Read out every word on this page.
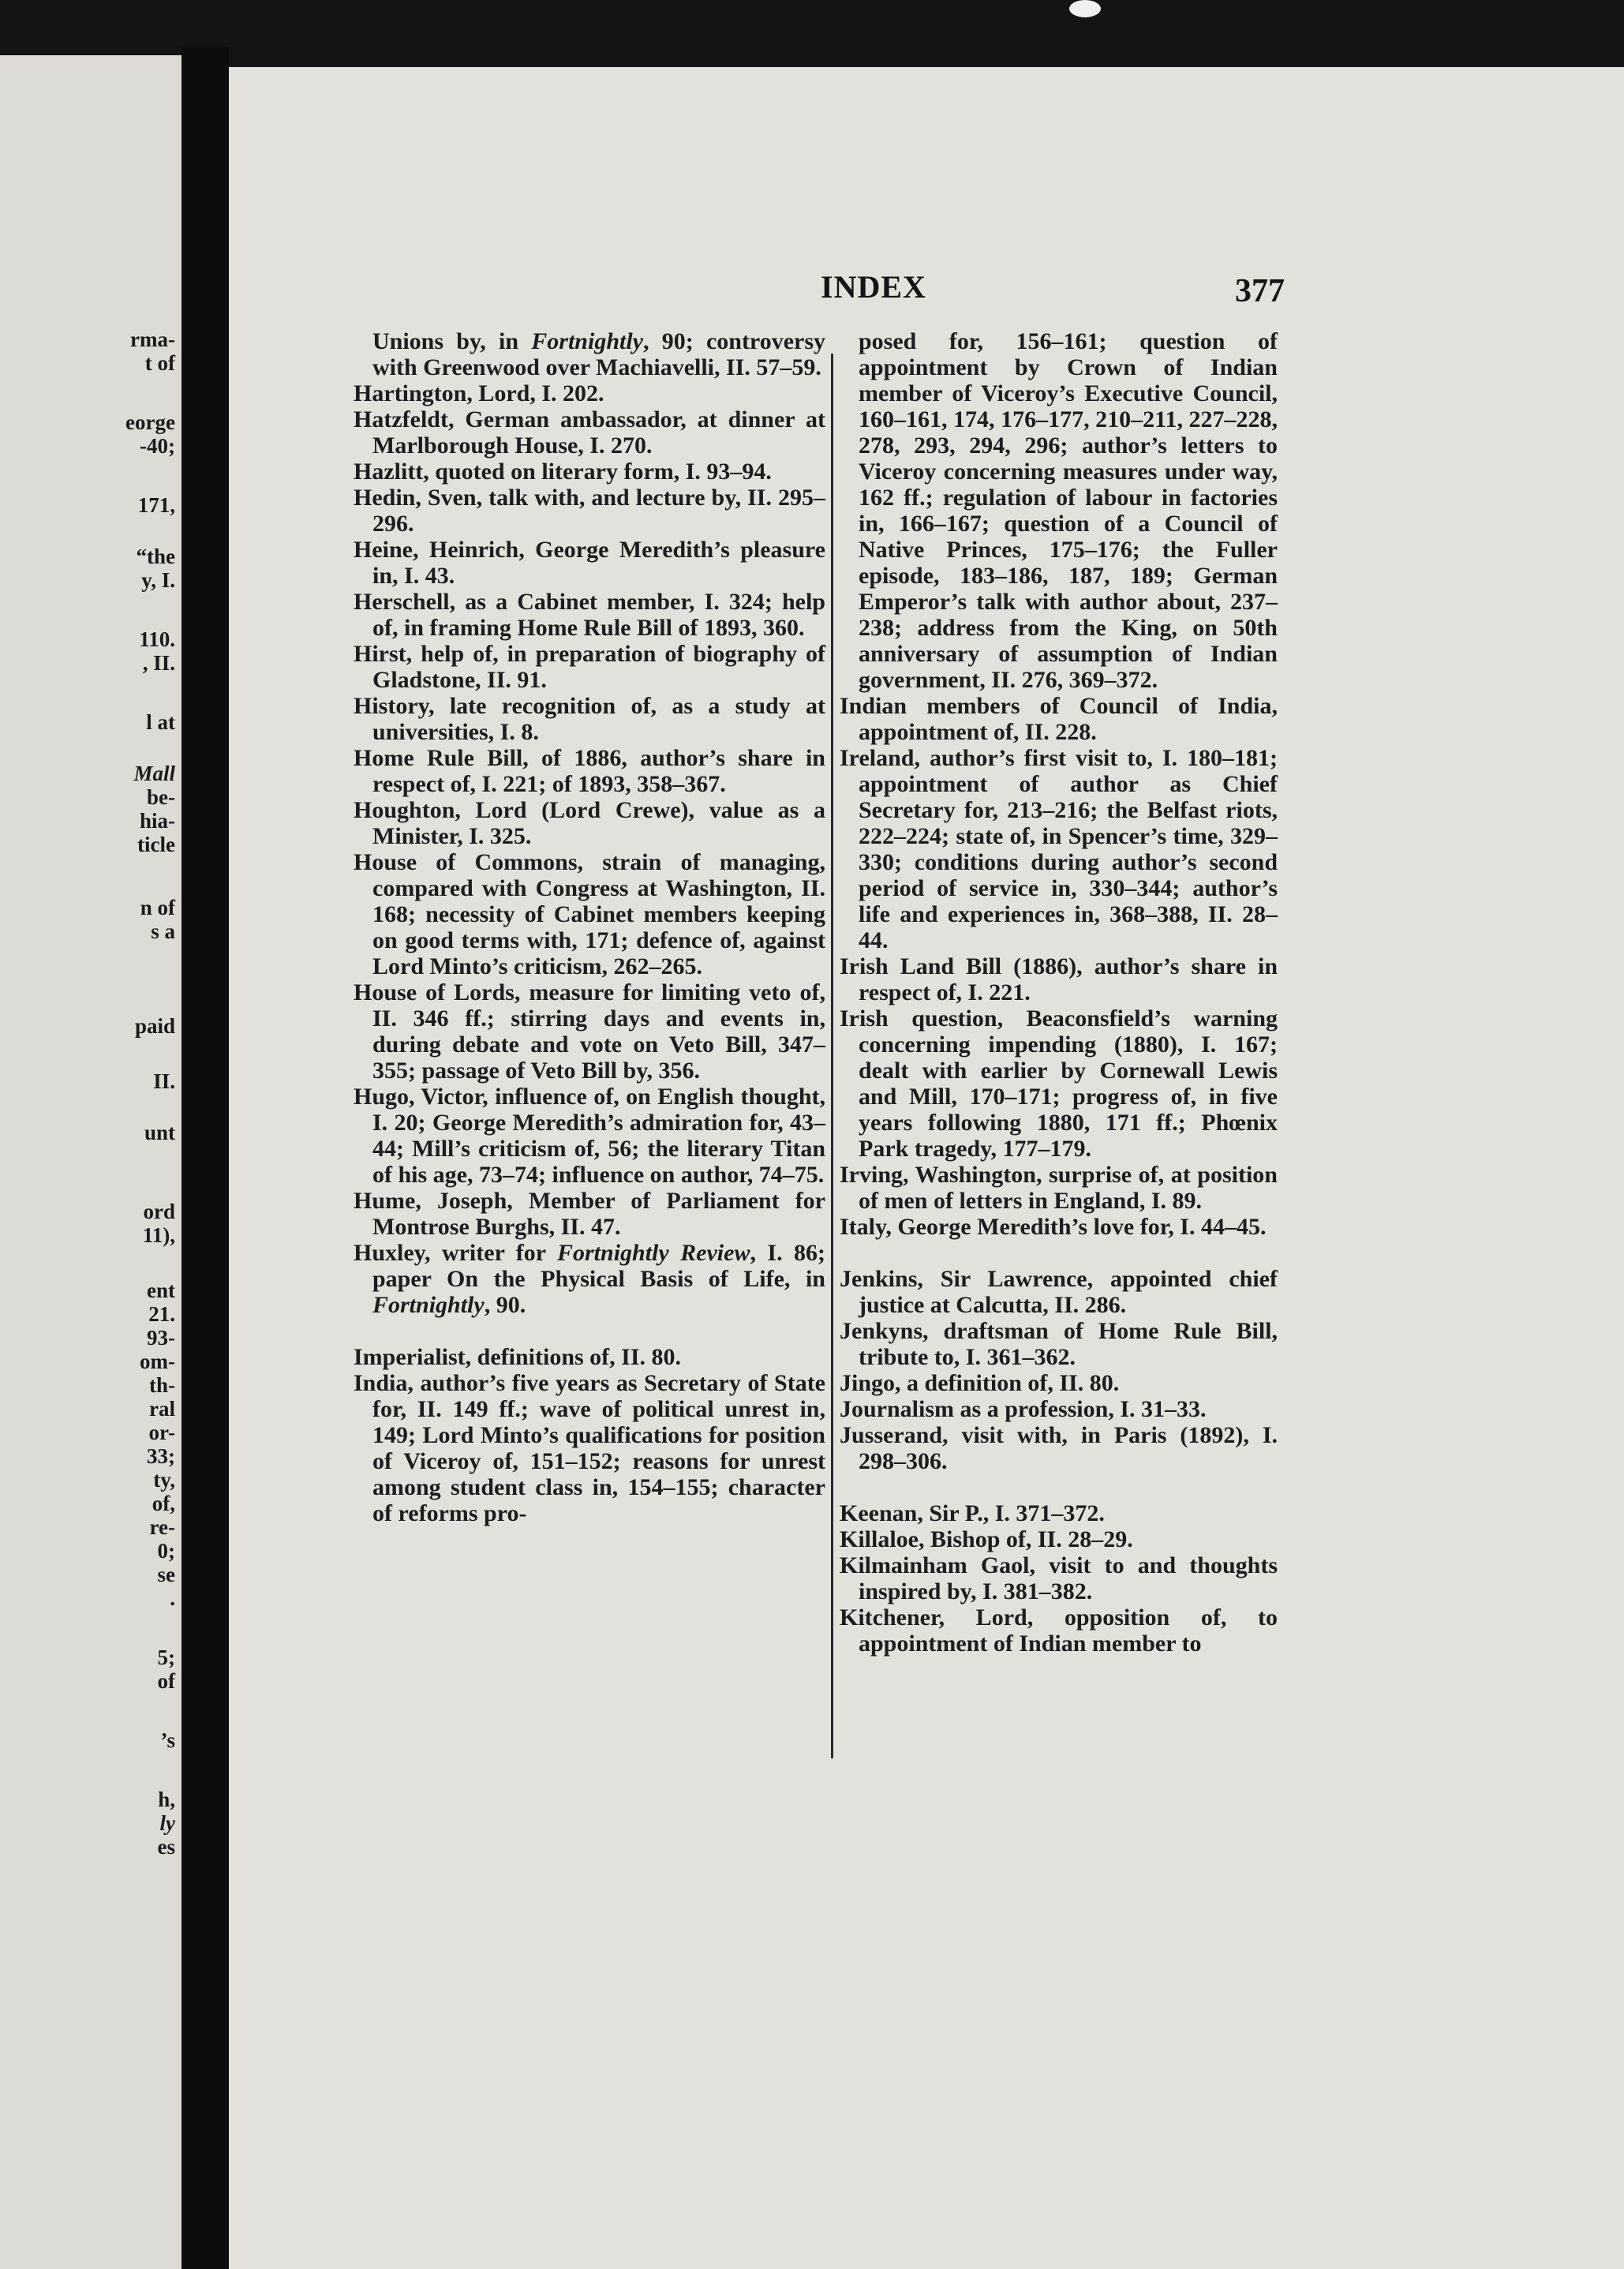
rma-
t of
eorge
-40;
171,
“the
y, I.
110.
, II.
l at
Mall
be-
hia-
ticle
n of
s a
paid
II.
unt
ord
11),
ent
21.
93-
om-
th-
ral
or-
33;
ty,
of,
re-
0;
se
.
5;
of
’s
h,
ly
es
INDEX	377

Unions by, in Fortnightly, 90; controversy with Greenwood over Machiavelli, II. 57–59.

Hartington, Lord, I. 202.

Hatzfeldt, German ambassador, at dinner at Marlborough House, I. 270.

Hazlitt, quoted on literary form, I. 93–94.

Hedin, Sven, talk with, and lecture by, II. 295–296.

Heine, Heinrich, George Meredith’s pleasure in, I. 43.

Herschell, as a Cabinet member, I. 324; help of, in framing Home Rule Bill of 1893, 360.

Hirst, help of, in preparation of biography of Gladstone, II. 91.

History, late recognition of, as a study at universities, I. 8.

Home Rule Bill, of 1886, author’s share in respect of, I. 221; of 1893, 358–367.

Houghton, Lord (Lord Crewe), value as a Minister, I. 325.

House of Commons, strain of managing, compared with Congress at Washington, II. 168; necessity of Cabinet members keeping on good terms with, 171; defence of, against Lord Minto’s criticism, 262–265.

House of Lords, measure for limiting veto of, II. 346 ff.; stirring days and events in, during debate and vote on Veto Bill, 347–355; passage of Veto Bill by, 356.

Hugo, Victor, influence of, on English thought, I. 20; George Meredith’s admiration for, 43–44; Mill’s criticism of, 56; the literary Titan of his age, 73–74; influence on author, 74–75.

Hume, Joseph, Member of Parliament for Montrose Burghs, II. 47.

Huxley, writer for Fortnightly Review, I. 86; paper On the Physical Basis of Life, in Fortnightly, 90.

Imperialist, definitions of, II. 80.

India, author’s five years as Secretary of State for, II. 149 ff.; wave of political unrest in, 149; Lord Minto’s qualifications for position of Viceroy of, 151–152; reasons for unrest among student class in, 154–155; character of reforms pro-

posed for, 156–161; question of appointment by Crown of Indian member of Viceroy’s Executive Council, 160–161, 174, 176–177, 210–211, 227–228, 278, 293, 294, 296; author’s letters to Viceroy concerning measures under way, 162 ff.; regulation of labour in factories in, 166–167; question of a Council of Native Princes, 175–176; the Fuller episode, 183–186, 187, 189; German Emperor’s talk with author about, 237–238; address from the King, on 50th anniversary of assumption of Indian government, II. 276, 369–372.

Indian members of Council of India, appointment of, II. 228.

Ireland, author’s first visit to, I. 180–181; appointment of author as Chief Secretary for, 213–216; the Belfast riots, 222–224; state of, in Spencer’s time, 329–330; conditions during author’s second period of service in, 330–344; author’s life and experiences in, 368–388, II. 28–44.

Irish Land Bill (1886), author’s share in respect of, I. 221.

Irish question, Beaconsfield’s warning concerning impending (1880), I. 167; dealt with earlier by Cornewall Lewis and Mill, 170–171; progress of, in five years following 1880, 171 ff.; Phœnix Park tragedy, 177–179.

Irving, Washington, surprise of, at position of men of letters in England, I. 89.

Italy, George Meredith’s love for, I. 44–45.

Jenkins, Sir Lawrence, appointed chief justice at Calcutta, II. 286.

Jenkyns, draftsman of Home Rule Bill, tribute to, I. 361–362.

Jingo, a definition of, II. 80.

Journalism as a profession, I. 31–33.

Jusserand, visit with, in Paris (1892), I. 298–306.

Keenan, Sir P., I. 371–372.

Killaloe, Bishop of, II. 28–29.

Kilmainham Gaol, visit to and thoughts inspired by, I. 381–382.

Kitchener, Lord, opposition of, to appointment of Indian member to
